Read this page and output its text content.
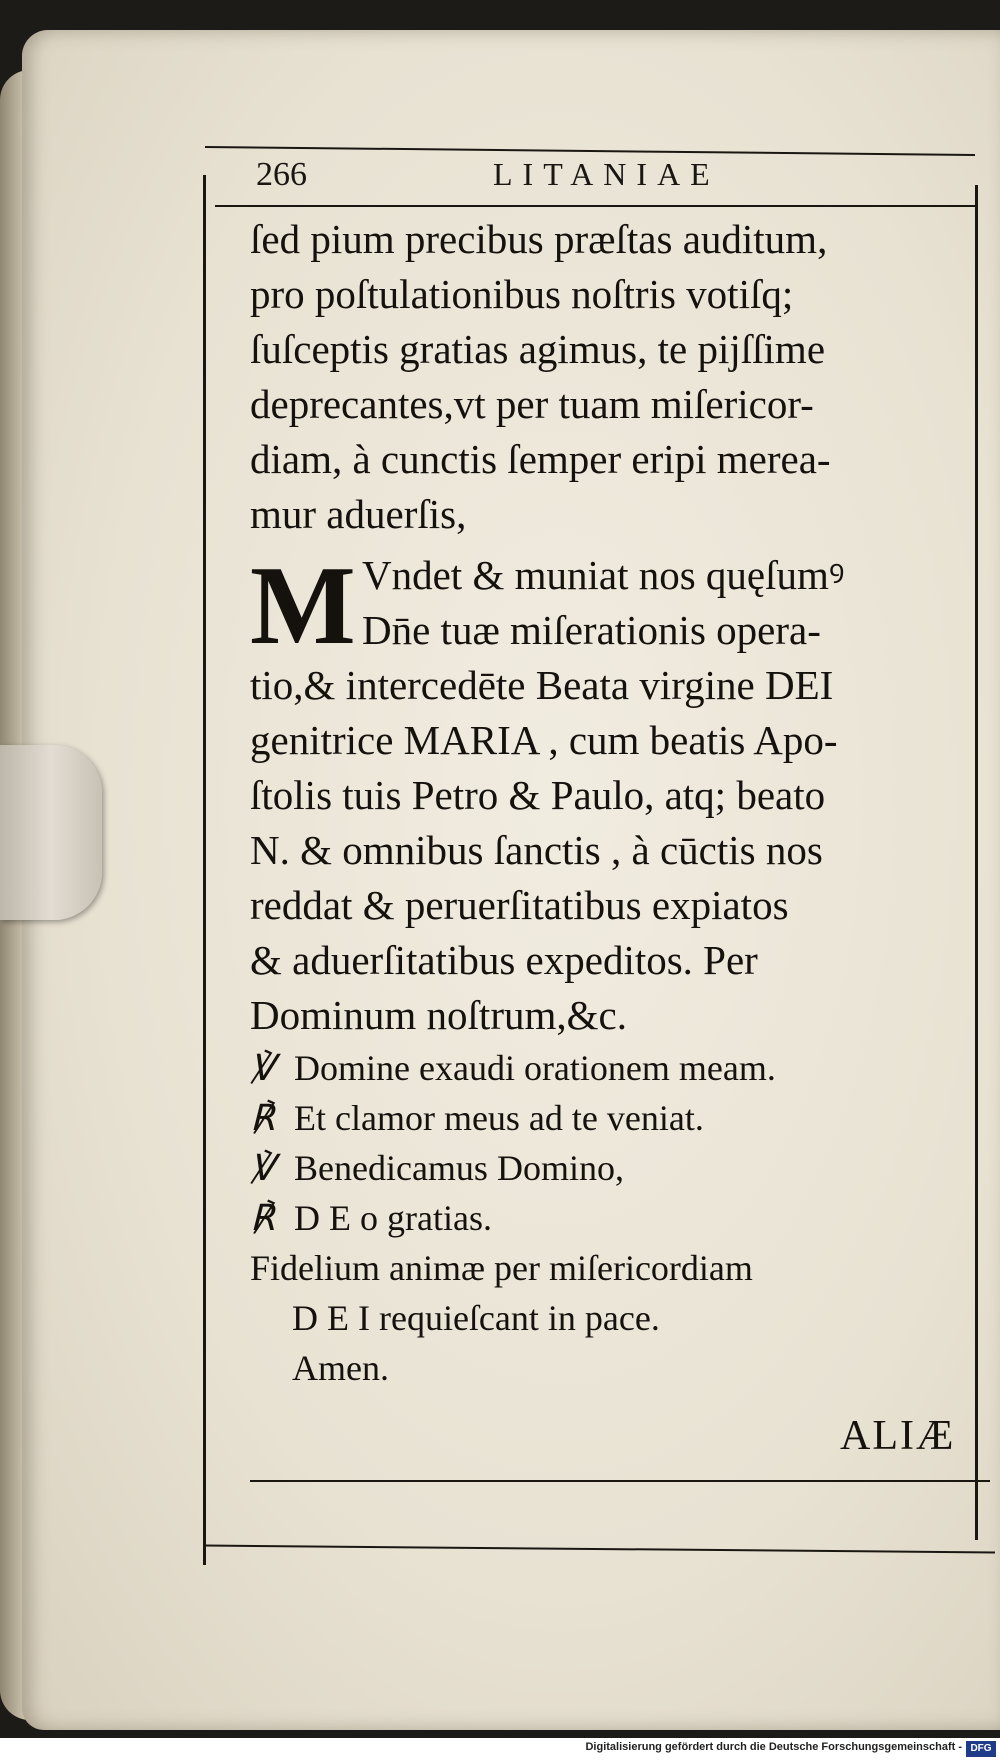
266	LITANIAE
ſed pium precibus præſtas auditum,
pro poſtulationibus noſtris votiſq;
ſuſceptis gratias agimus, te pijſſime
deprecantes,vt per tuam miſericor-
diam, à cunctis ſemper eripi merea-
mur aduerſis,
M Vndet & muniat nos quęſumꝰ
Dn̄e tuæ miſerationis opera-
tio,& intercedēte Beata virgine DEI
genitrice MARIA , cum beatis Apo-
ſtolis tuis Petro & Paulo, atq; beato
N. & omnibus ſanctis , à cūctis nos
reddat & peruerſitatibus expiatos
& aduerſitatibus expeditos. Per
Dominum noſtrum,&c.
℣ Domine exaudi orationem meam.
℟ Et clamor meus ad te veniat.
℣ Benedicamus Domino,
℟ D E o gratias.
Fidelium animæ per miſericordiam
D E I requieſcant in pace.
Amen.
ALIÆ
Digitalisierung gefördert durch die Deutsche Forschungsgemeinschaft - DFG
